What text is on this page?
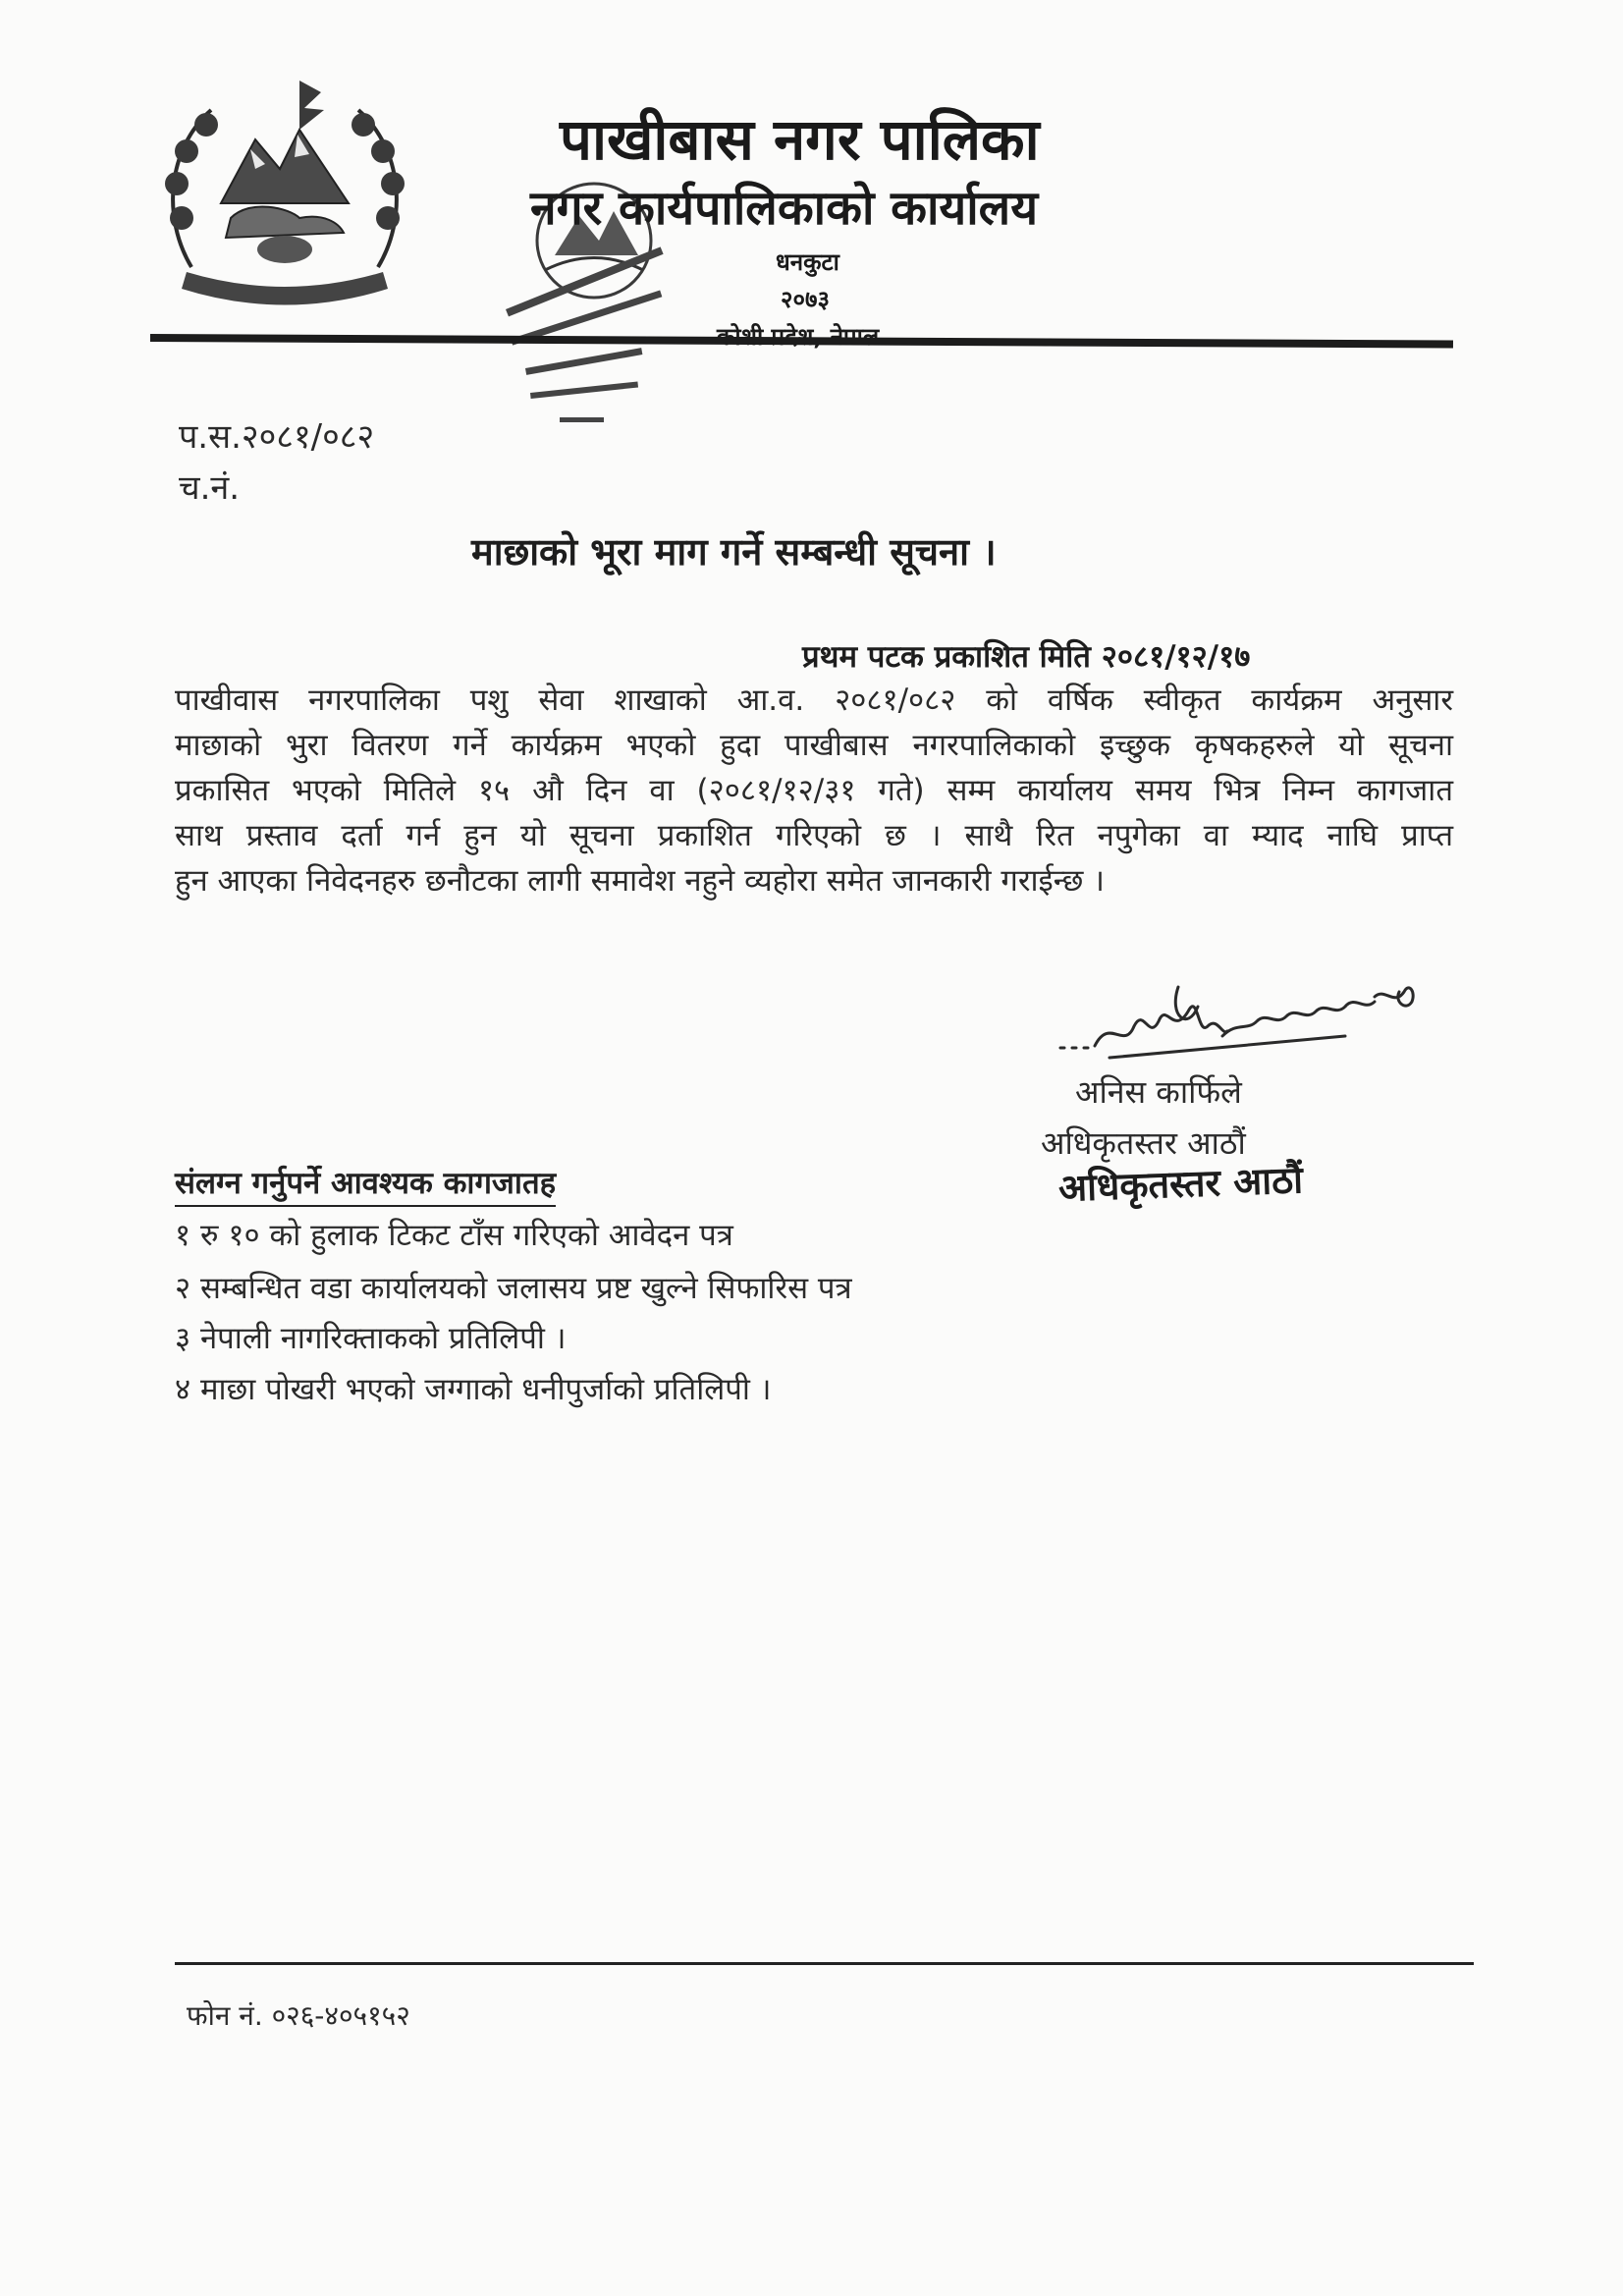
पाखीबास नगर पालिका
नगर कार्यपालिकाको कार्यालय
धनकुटा
२०७३
प.स.२०८१/०८२
च.नं.
माछाको भूरा माग गर्ने सम्बन्धी सूचना ।
प्रथम पटक प्रकाशित मिति २०८१/१२/१७
पाखीवास नगरपालिका पशु सेवा शाखाको आ.व. २०८१/०८२ को वर्षिक स्वीकृत कार्यक्रम अनुसार
माछाको भुरा वितरण गर्ने कार्यक्रम भएको हुदा पाखीबास नगरपालिकाको इच्छुक कृषकहरुले यो सूचना
प्रकासित भएको मितिले १५ औ दिन वा (२०८१/१२/३१ गते) सम्म कार्यालय समय भित्र निम्न कागजात
साथ प्रस्ताव दर्ता गर्न हुन यो सूचना प्रकाशित गरिएको छ । साथै रित नपुगेका वा म्याद नाघि प्राप्त
हुन आएका निवेदनहरु छनौटका लागी समावेश नहुने व्यहोरा समेत जानकारी गराईन्छ ।
अनिस कार्फिले
अधिकृतस्तर आठौं
अधिकृतस्तर आठौं
संलग्न गर्नुपर्ने आवश्यक कागजातह
१ रु १० को हुलाक टिकट टाँस गरिएको आवेदन पत्र
२ सम्बन्धित वडा कार्यालयको जलासय प्रष्ट खुल्ने सिफारिस पत्र
३ नेपाली नागरिक्ताकको प्रतिलिपी ।
४ माछा पोखरी भएको जग्गाको धनीपुर्जाको प्रतिलिपी ।
फोन नं. ०२६-४०५१५२
